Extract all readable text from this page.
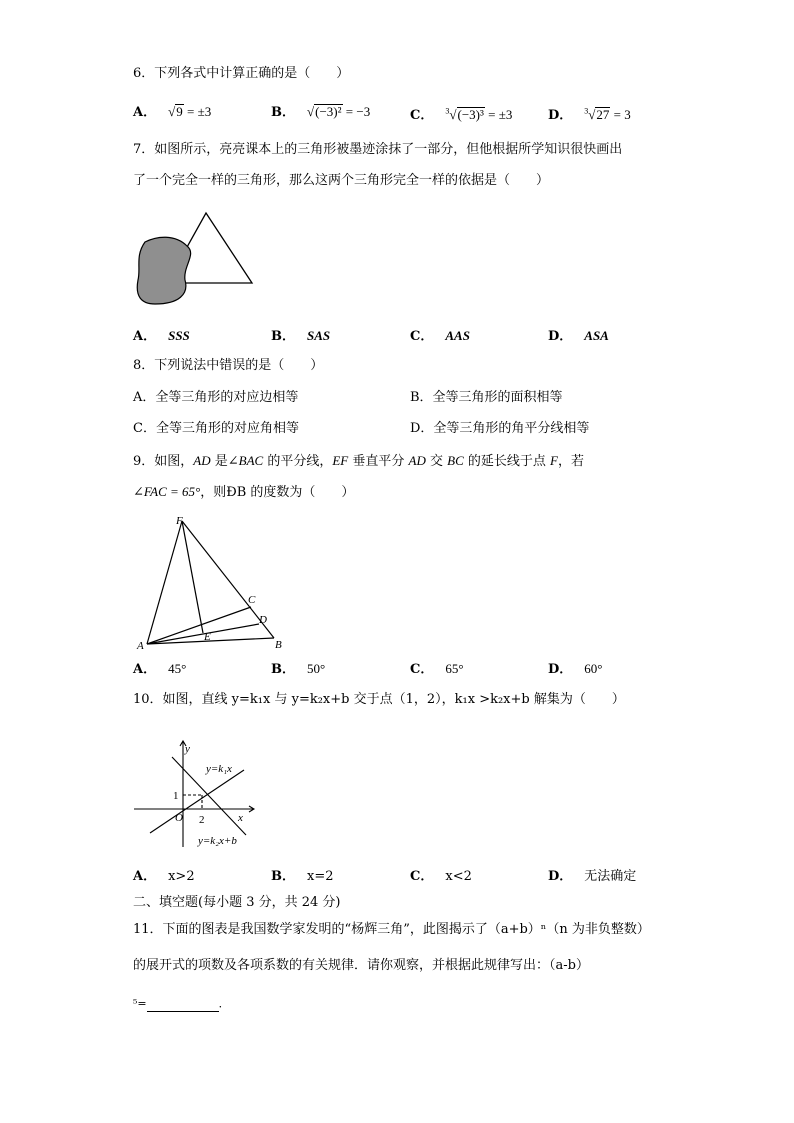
6．下列各式中计算正确的是（　　）
A． √9 = ±3	B． √(−3)² = −3	C． $^3$√(−3)³ = ±3	D． $^3$√27 = 3
7．如图所示，亮亮课本上的三角形被墨迹涂抹了一部分，但他根据所学知识很快画出
了一个完全一样的三角形，那么这两个三角形完全一样的依据是（　　）
A． SSS	B． SAS	C． AAS	D． ASA
8．下列说法中错误的是（　　）
A．全等三角形的对应边相等	B．全等三角形的面积相等
C．全等三角形的对应角相等	D．全等三角形的角平分线相等
9．如图，AD 是∠BAC 的平分线，EF 垂直平分 AD 交 BC 的延长线于点 F，若
∠FAC = 65°，则ÐB 的度数为（　　）
F
C
D
A
E
B
A． 45°	B． 50°	C． 65°	D． 60°
10．如图，直线 y=k₁x 与 y=k₂x+b 交于点（1，2），k₁x >k₂x+b 解集为（　　）
y
x
O
1
2
y=k₁x
y=k₂x+b
A． x>2	B． x=2	C． x<2	D． 无法确定
二、填空题(每小题 3 分，共 24 分)
11．下面的图表是我国数学家发明的“杨辉三角”，此图揭示了（a+b）ⁿ（n 为非负整数）
的展开式的项数及各项系数的有关规律．请你观察，并根据此规律写出：（a-b）
⁵=	．
